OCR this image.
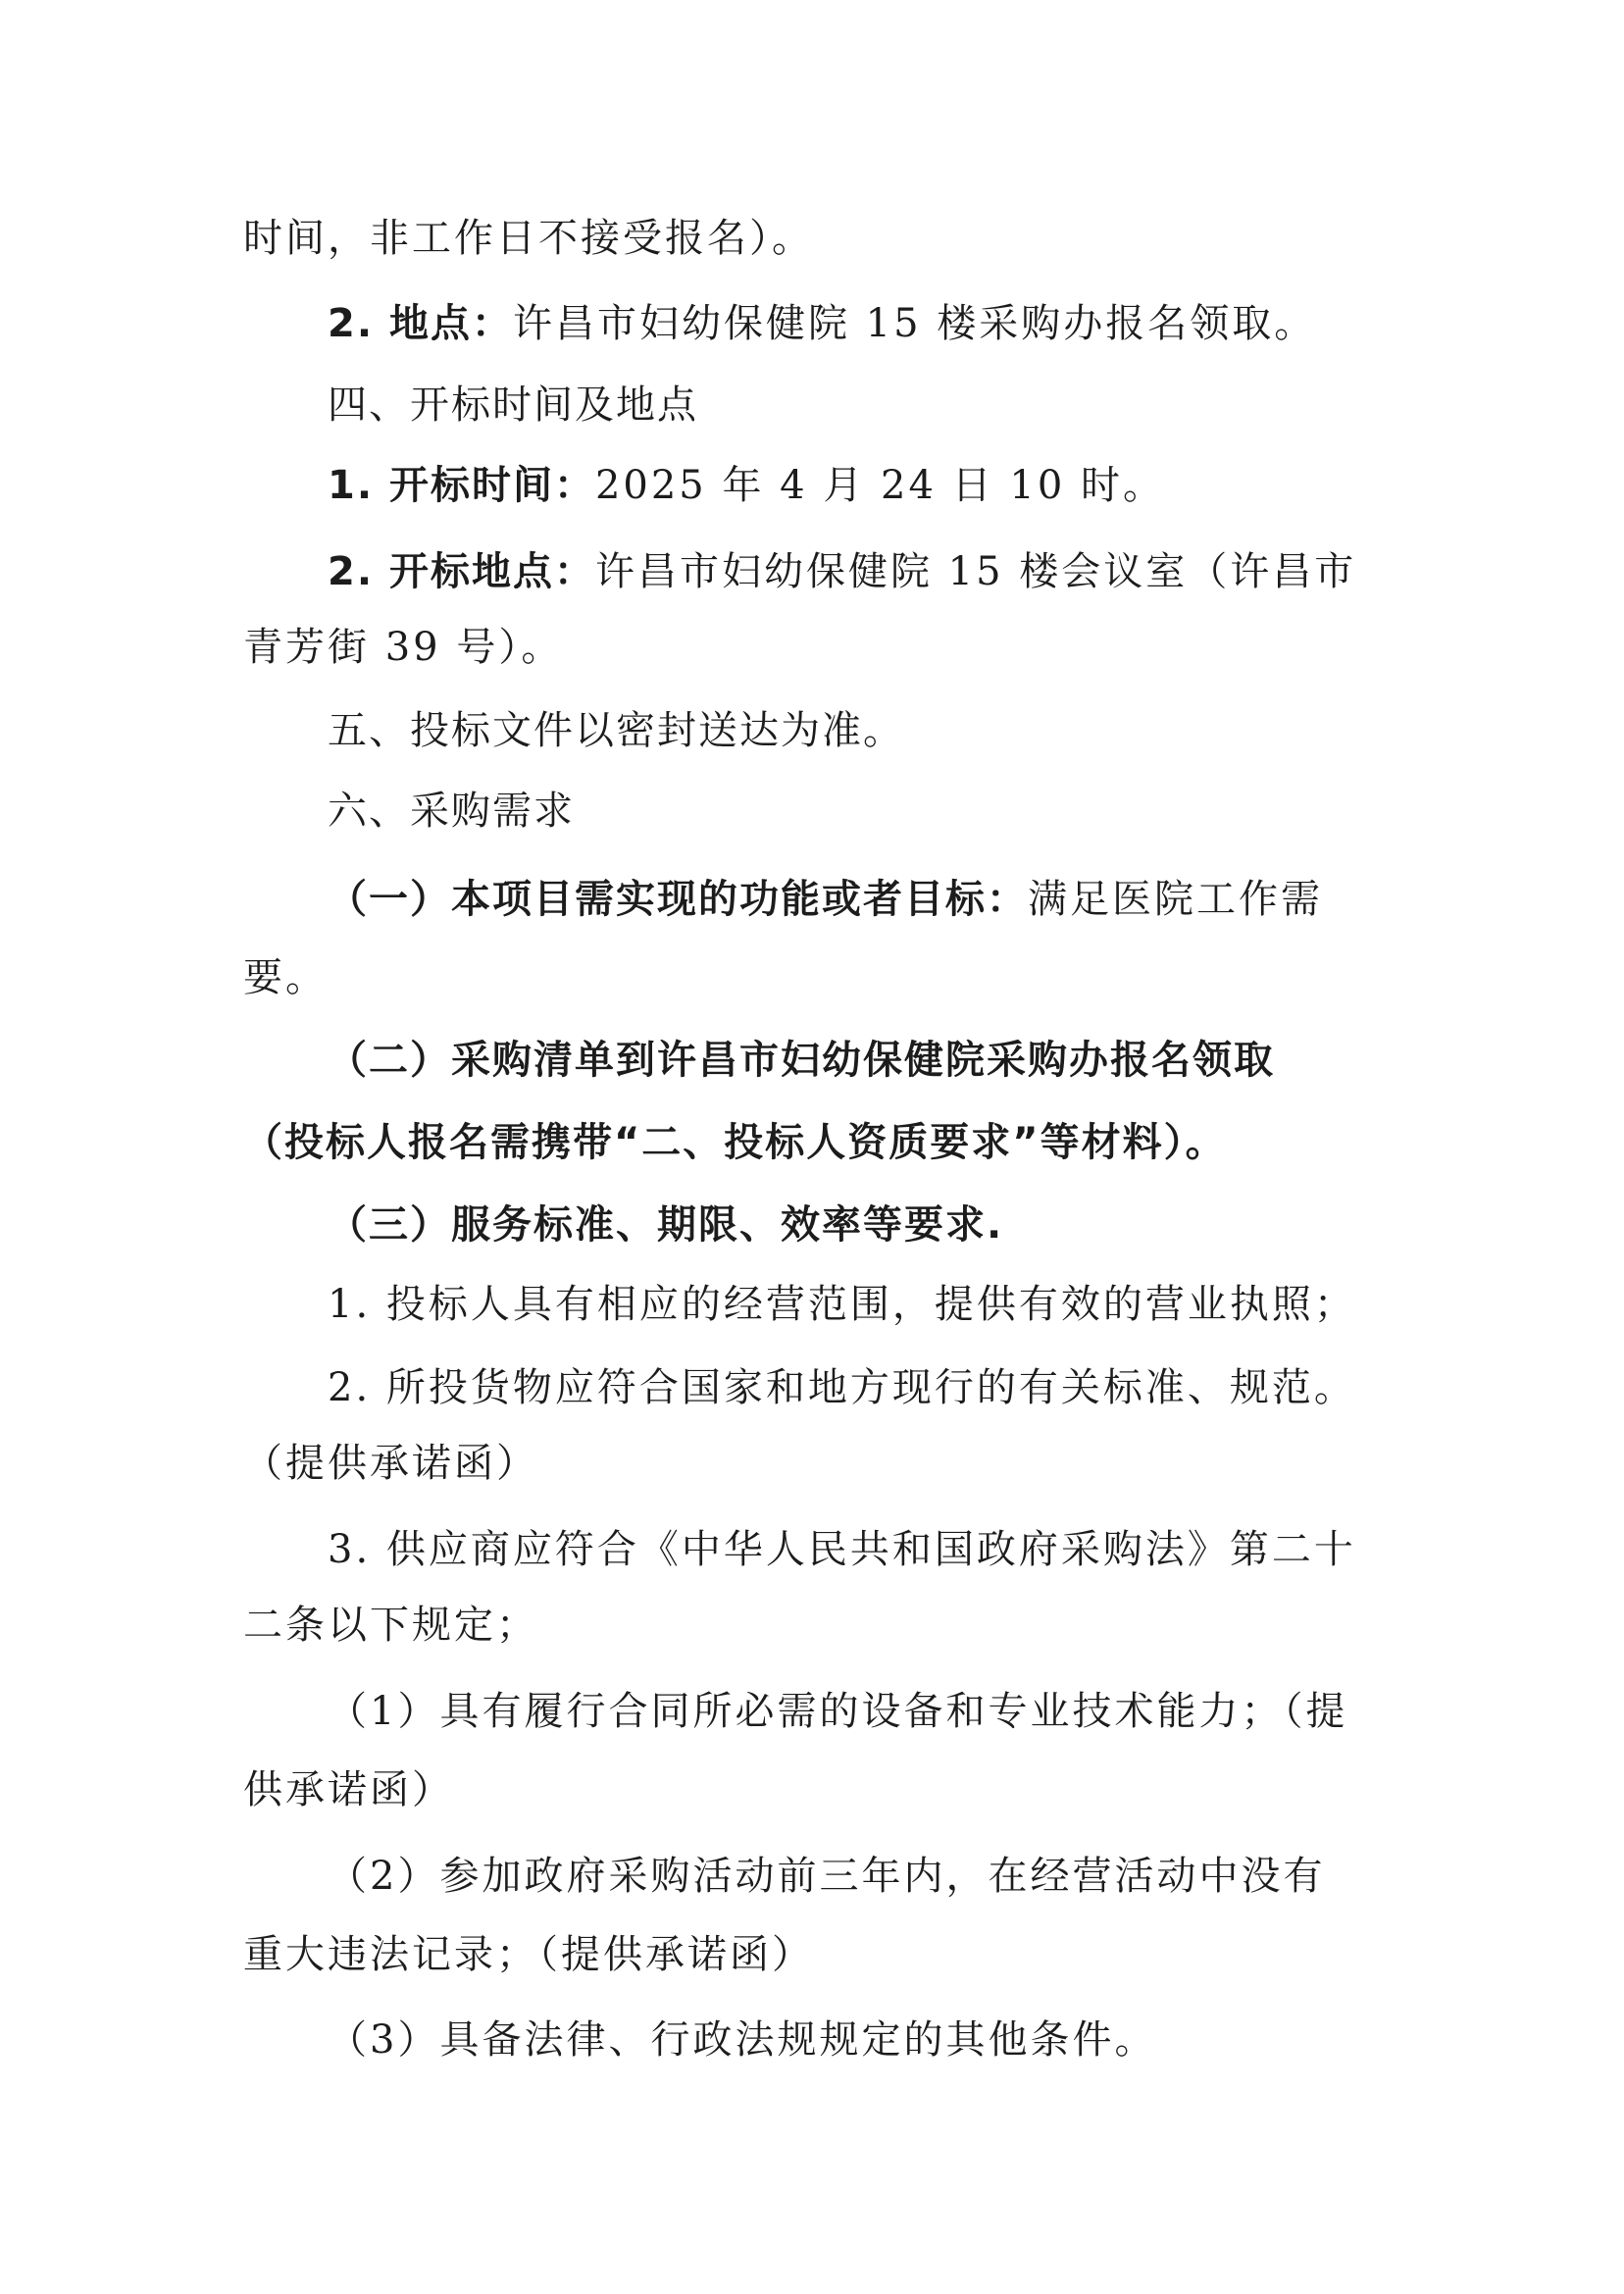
时间，非工作日不接受报名）。
2. 地点：许昌市妇幼保健院 15 楼采购办报名领取。
四、开标时间及地点
1. 开标时间：2025 年 4 月 24 日 10 时。
2. 开标地点：许昌市妇幼保健院 15 楼会议室（许昌市
青芳街 39 号）。
五、投标文件以密封送达为准。
六、采购需求
（一）本项目需实现的功能或者目标：满足医院工作需
要。
（二）采购清单到许昌市妇幼保健院采购办报名领取
（投标人报名需携带“二、投标人资质要求”等材料）。
（三）服务标准、期限、效率等要求.
1. 投标人具有相应的经营范围，提供有效的营业执照；
2. 所投货物应符合国家和地方现行的有关标准、规范。
（提供承诺函）
3. 供应商应符合《中华人民共和国政府采购法》第二十
二条以下规定；
（1）具有履行合同所必需的设备和专业技术能力；（提
供承诺函）
（2）参加政府采购活动前三年内，在经营活动中没有
重大违法记录；（提供承诺函）
（3）具备法律、行政法规规定的其他条件。
